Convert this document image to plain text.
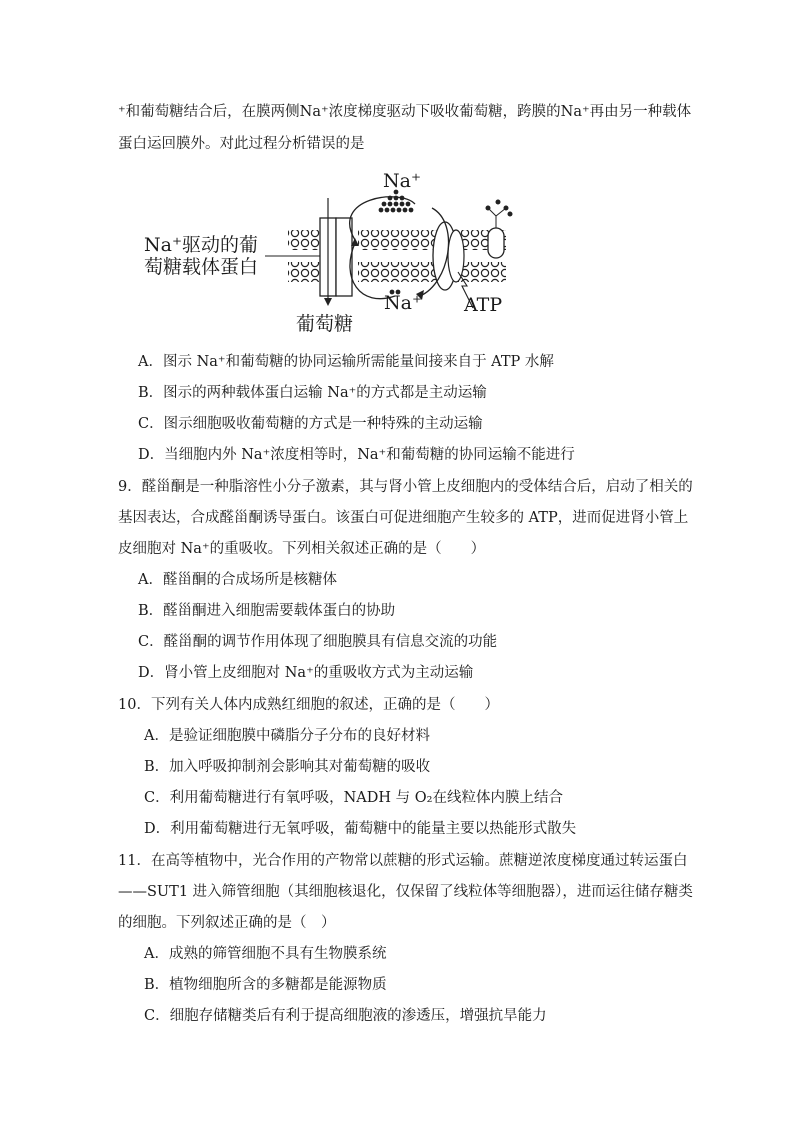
⁺和葡萄糖结合后，在膜两侧Na⁺浓度梯度驱动下吸收葡萄糖，跨膜的Na⁺再由另一种载体
蛋白运回膜外。对此过程分析错误的是
Na⁺
Na⁺
Na⁺驱动的葡
萄糖载体蛋白
葡萄糖
ATP
A．图示 Na⁺和葡萄糖的协同运输所需能量间接来自于 ATP 水解
B．图示的两种载体蛋白运输 Na⁺的方式都是主动运输
C．图示细胞吸收葡萄糖的方式是一种特殊的主动运输
D．当细胞内外 Na⁺浓度相等时，Na⁺和葡萄糖的协同运输不能进行
9．醛甾酮是一种脂溶性小分子激素，其与肾小管上皮细胞内的受体结合后，启动了相关的
基因表达，合成醛甾酮诱导蛋白。该蛋白可促进细胞产生较多的 ATP，进而促进肾小管上
皮细胞对 Na⁺的重吸收。下列相关叙述正确的是（　　）
A．醛甾酮的合成场所是核糖体
B．醛甾酮进入细胞需要载体蛋白的协助
C．醛甾酮的调节作用体现了细胞膜具有信息交流的功能
D．肾小管上皮细胞对 Na⁺的重吸收方式为主动运输
10．下列有关人体内成熟红细胞的叙述，正确的是（　　）
A．是验证细胞膜中磷脂分子分布的良好材料
B．加入呼吸抑制剂会影响其对葡萄糖的吸收
C．利用葡萄糖进行有氧呼吸，NADH 与 O₂在线粒体内膜上结合
D．利用葡萄糖进行无氧呼吸，葡萄糖中的能量主要以热能形式散失
11．在高等植物中，光合作用的产物常以蔗糖的形式运输。蔗糖逆浓度梯度通过转运蛋白
——SUT1 进入筛管细胞（其细胞核退化，仅保留了线粒体等细胞器），进而运往储存糖类
的细胞。下列叙述正确的是（　）
A．成熟的筛管细胞不具有生物膜系统
B．植物细胞所含的多糖都是能源物质
C．细胞存储糖类后有利于提高细胞液的渗透压，增强抗旱能力
